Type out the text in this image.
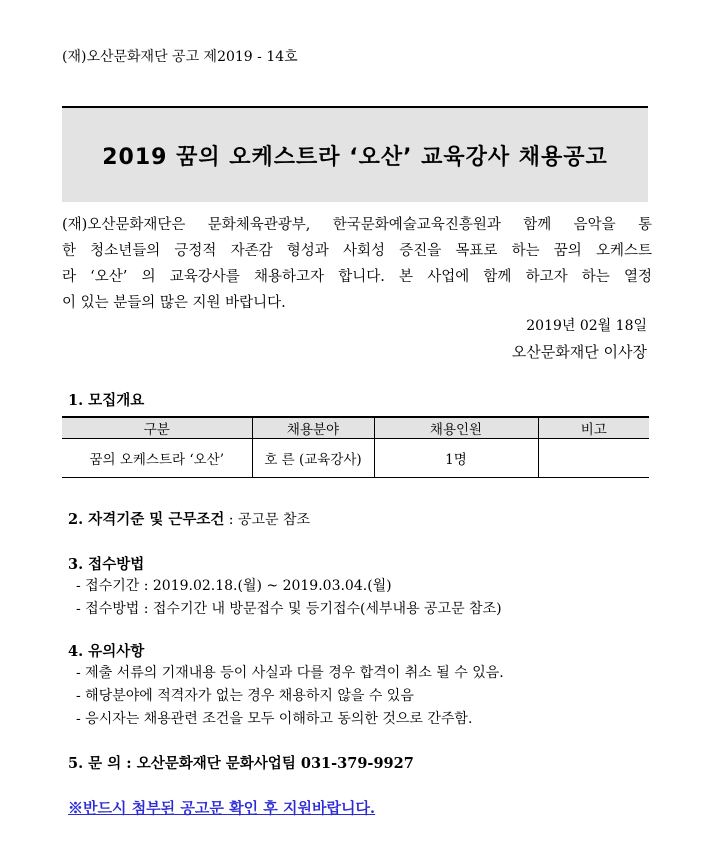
(재)오산문화재단 공고 제2019 - 14호
2019 꿈의 오케스트라 ‘오산’ 교육강사 채용공고
(재)오산문화재단은 문화체육관광부, 한국문화예술교육진흥원과 함께 음악을 통
한 청소년들의 긍정적 자존감 형성과 사회성 증진을 목표로 하는 꿈의 오케스트
라 ‘오산’ 의 교육강사를 채용하고자 합니다. 본 사업에 함께 하고자 하는 열정
이 있는 분들의 많은 지원 바랍니다.
2019년 02월 18일
오산문화재단 이사장
1. 모집개요
구분	채용분야	채용인원	비고
꿈의 오케스트라 ‘오산’	호 른 (교육강사)	1명	
2. 자격기준 및 근무조건 : 공고문 참조
3. 접수방법
- 접수기간 : 2019.02.18.(월) ~ 2019.03.04.(월)
- 접수방법 : 접수기간 내 방문접수 및 등기접수(세부내용 공고문 참조)
4. 유의사항
- 제출 서류의 기재내용 등이 사실과 다를 경우 합격이 취소 될 수 있음.
- 해당분야에 적격자가 없는 경우 채용하지 않을 수 있음
- 응시자는 채용관련 조건을 모두 이해하고 동의한 것으로 간주함.
5. 문 의 : 오산문화재단 문화사업팀 031-379-9927
※반드시 첨부된 공고문 확인 후 지원바랍니다.
